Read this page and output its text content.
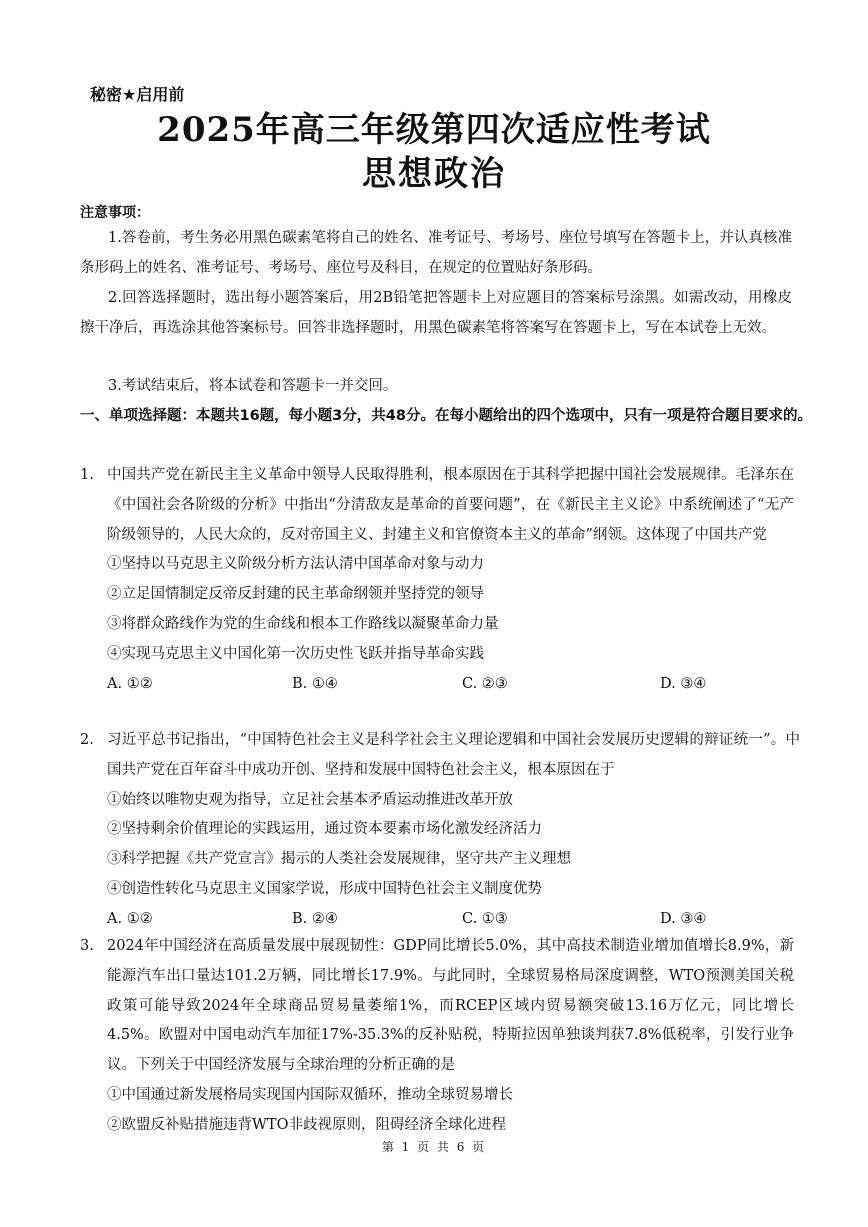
秘密★启用前
2025年高三年级第四次适应性考试
思想政治
注意事项：
1.答卷前，考生务必用黑色碳素笔将自己的姓名、准考证号、考场号、座位号填写在答题卡上，并认真核准条形码上的姓名、准考证号、考场号、座位号及科目，在规定的位置贴好条形码。
2.回答选择题时，选出每小题答案后，用2B铅笔把答题卡上对应题目的答案标号涂黑。如需改动，用橡皮擦干净后，再选涂其他答案标号。回答非选择题时，用黑色碳素笔将答案写在答题卡上，写在本试卷上无效。
3.考试结束后，将本试卷和答题卡一并交回。
一、单项选择题：本题共16题，每小题3分，共48分。在每小题给出的四个选项中，只有一项是符合题目要求的。
1. 中国共产党在新民主主义革命中领导人民取得胜利，根本原因在于其科学把握中国社会发展规律。毛泽东在《中国社会各阶级的分析》中指出“分清敌友是革命的首要问题”，在《新民主主义论》中系统阐述了“无产阶级领导的，人民大众的，反对帝国主义、封建主义和官僚资本主义的革命”纲领。这体现了中国共产党
①坚持以马克思主义阶级分析方法认清中国革命对象与动力
②立足国情制定反帝反封建的民主革命纲领并坚持党的领导
③将群众路线作为党的生命线和根本工作路线以凝聚革命力量
④实现马克思主义中国化第一次历史性飞跃并指导革命实践
A. ①②	B. ①④	C. ②③	D. ③④
2. 习近平总书记指出，“中国特色社会主义是科学社会主义理论逻辑和中国社会发展历史逻辑的辩证统一”。中国共产党在百年奋斗中成功开创、坚持和发展中国特色社会主义，根本原因在于
①始终以唯物史观为指导，立足社会基本矛盾运动推进改革开放
②坚持剩余价值理论的实践运用，通过资本要素市场化激发经济活力
③科学把握《共产党宣言》揭示的人类社会发展规律，坚守共产主义理想
④创造性转化马克思主义国家学说，形成中国特色社会主义制度优势
A. ①②	B. ②④	C. ①③	D. ③④
3. 2024年中国经济在高质量发展中展现韧性：GDP同比增长5.0%，其中高技术制造业增加值增长8.9%，新能源汽车出口量达101.2万辆，同比增长17.9%。与此同时，全球贸易格局深度调整，WTO预测美国关税政策可能导致2024年全球商品贸易量萎缩1%，而RCEP区域内贸易额突破13.16万亿元，同比增长4.5%。欧盟对中国电动汽车加征17%-35.3%的反补贴税，特斯拉因单独谈判获7.8%低税率，引发行业争议。下列关于中国经济发展与全球治理的分析正确的是
①中国通过新发展格局实现国内国际双循环，推动全球贸易增长
②欧盟反补贴措施违背WTO非歧视原则，阻碍经济全球化进程
第 1 页 共 6 页
